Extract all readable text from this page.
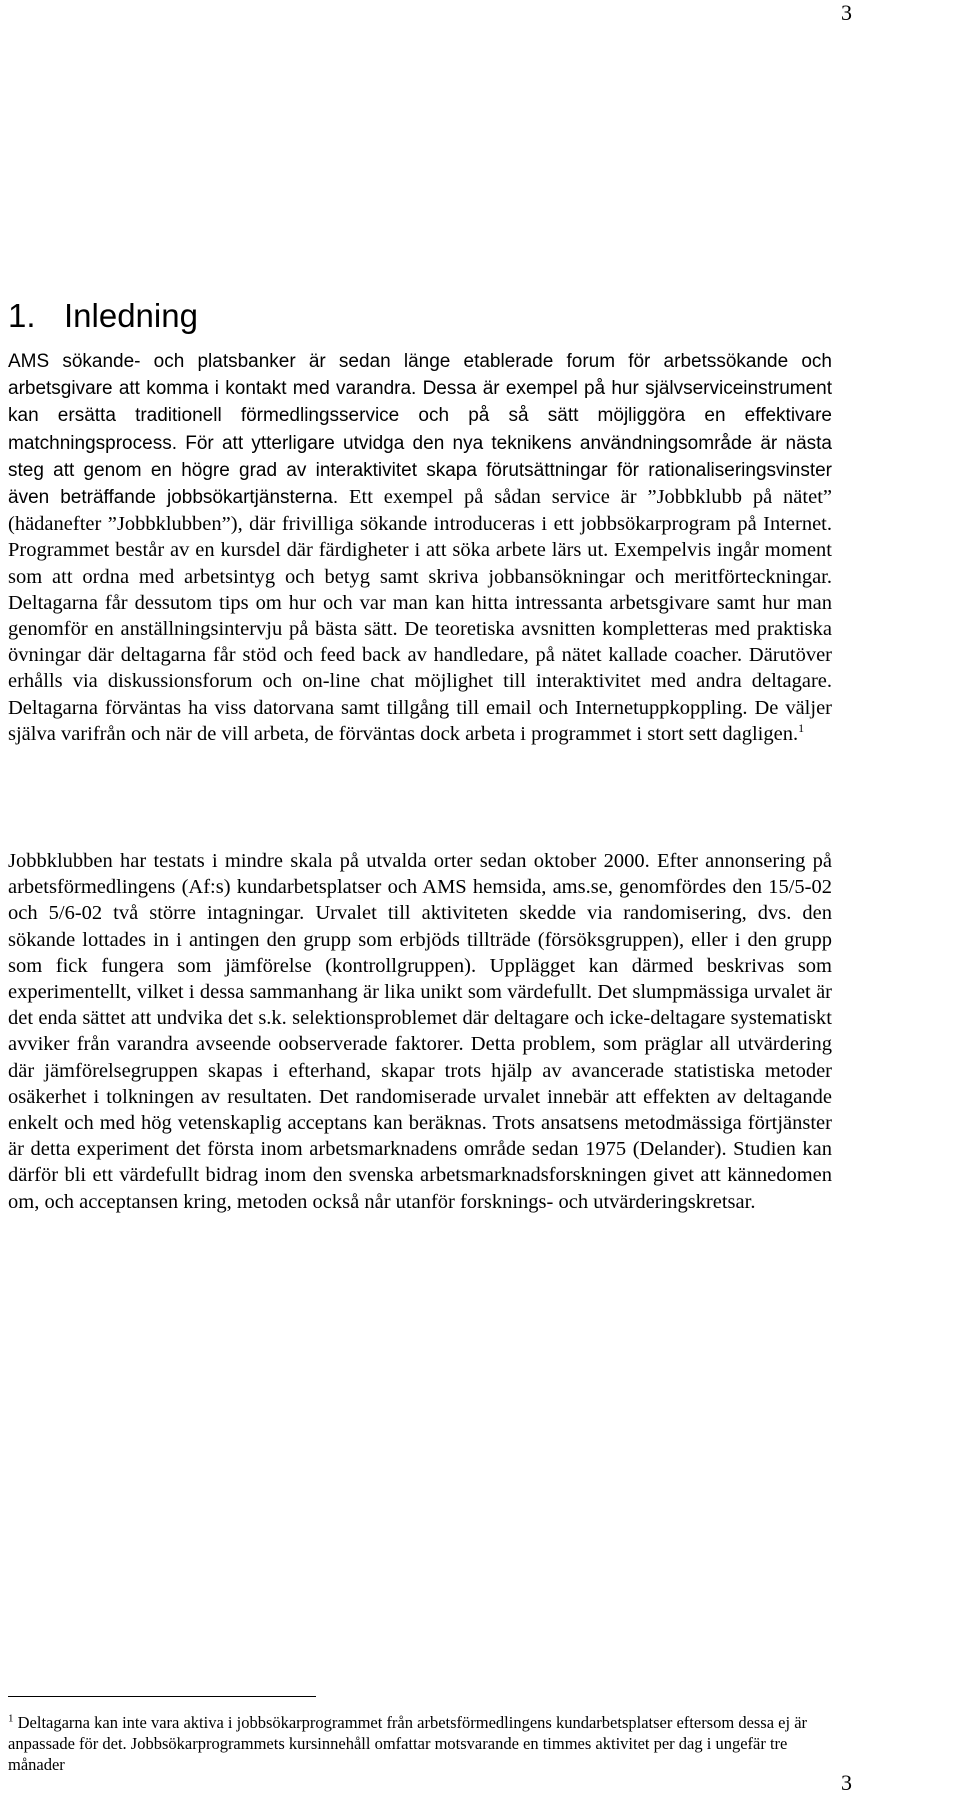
3
1. Inledning

AMS sökande- och platsbanker är sedan länge etablerade forum för arbetssökande och arbetsgivare att komma i kontakt med varandra. Dessa är exempel på hur självserviceinstrument kan ersätta traditionell förmedlingsservice och på så sätt möjliggöra en effektivare matchningsprocess. För att ytterligare utvidga den nya teknikens användningsområde är nästa steg att genom en högre grad av interaktivitet skapa förutsättningar för rationaliseringsvinster även beträffande jobbsökartjänsterna. Ett exempel på sådan service är ”Jobbklubb på nätet” (hädanefter ”Jobbklubben”), där frivilliga sökande introduceras i ett jobbsökarprogram på Internet. Programmet består av en kursdel där färdigheter i att söka arbete lärs ut. Exempelvis ingår moment som att ordna med arbetsintyg och betyg samt skriva jobbansökningar och meritförteckningar. Deltagarna får dessutom tips om hur och var man kan hitta intressanta arbetsgivare samt hur man genomför en anställningsintervju på bästa sätt. De teoretiska avsnitten kompletteras med praktiska övningar där deltagarna får stöd och feed back av handledare, på nätet kallade coacher. Därutöver erhålls via diskussionsforum och on-line chat möjlighet till interaktivitet med andra deltagare. Deltagarna förväntas ha viss datorvana samt tillgång till email och Internetuppkoppling. De väljer själva varifrån och när de vill arbeta, de förväntas dock arbeta i programmet i stort sett dagligen.$^1$

Jobbklubben har testats i mindre skala på utvalda orter sedan oktober 2000. Efter annonsering på arbetsförmedlingens (Af:s) kundarbetsplatser och AMS hemsida, ams.se, genomfördes den 15/5-02 och 5/6-02 två större intagningar. Urvalet till aktiviteten skedde via randomisering, dvs. den sökande lottades in i antingen den grupp som erbjöds tillträde (försöksgruppen), eller i den grupp som fick fungera som jämförelse (kontrollgruppen). Upplägget kan därmed beskrivas som experimentellt, vilket i dessa sammanhang är lika unikt som värdefullt. Det slumpmässiga urvalet är det enda sättet att undvika det s.k. selektionsproblemet där deltagare och icke-deltagare systematiskt avviker från varandra avseende oobserverade faktorer. Detta problem, som präglar all utvärdering där jämförelsegruppen skapas i efterhand, skapar trots hjälp av avancerade statistiska metoder osäkerhet i tolkningen av resultaten. Det randomiserade urvalet innebär att effekten av deltagande enkelt och med hög vetenskaplig acceptans kan beräknas. Trots ansatsens metodmässiga förtjänster är detta experiment det första inom arbetsmarknadens område sedan 1975 (Delander). Studien kan därför bli ett värdefullt bidrag inom den svenska arbetsmarknadsforskningen givet att kännedomen om, och acceptansen kring, metoden också når utanför forsknings- och utvärderingskretsar.

$^1$ Deltagarna kan inte vara aktiva i jobbsökarprogrammet från arbetsförmedlingens kundarbetsplatser eftersom dessa ej är anpassade för det. Jobbsökarprogrammets kursinnehåll omfattar motsvarande en timmes aktivitet per dag i ungefär tre månader

3
